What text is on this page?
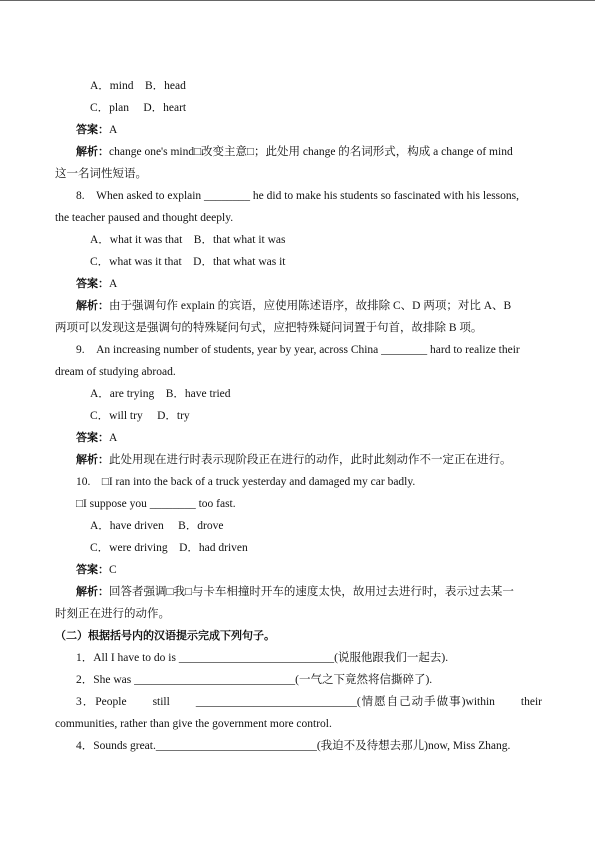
A．mind　B．head
C．plan　 D．heart
答案：A
解析：change one's mind□改变主意□；此处用 change 的名词形式，构成 a change of mind
这一名词性短语。
8.　When asked to explain ________ he did to make his students so fascinated with his lessons,
the teacher paused and thought deeply.
A．what it was that　B．that what it was
C．what was it that　D．that what was it
答案：A
解析：由于强调句作 explain 的宾语，应使用陈述语序，故排除 C、D 两项；对比 A、B
两项可以发现这是强调句的特殊疑问句式，应把特殊疑问词置于句首，故排除 B 项。
9.　An increasing number of students, year by year, across China ________ hard to realize their
dream of studying abroad.
A．are trying　B．have tried
C．will try　 D．try
答案：A
解析：此处用现在进行时表示现阶段正在进行的动作，此时此刻动作不一定正在进行。
10.　□I ran into the back of a truck yesterday and damaged my car badly.
□I suppose you ________ too fast.
A．have driven　 B．drove
C．were driving　D．had driven
答案：C
解析：回答者强调□我□与卡车相撞时开车的速度太快，故用过去进行时，表示过去某一
时刻正在进行的动作。
（二）根据括号内的汉语提示完成下列句子。
1．All I have to do is ___________________________(说服他跟我们一起去).
2．She was ____________________________(一气之下竟然将信撕碎了).
3．People　　still　　____________________________(情愿自己动手做事)within　　their
communities, rather than give the government more control.
4．Sounds great.____________________________(我迫不及待想去那儿)now, Miss Zhang.
